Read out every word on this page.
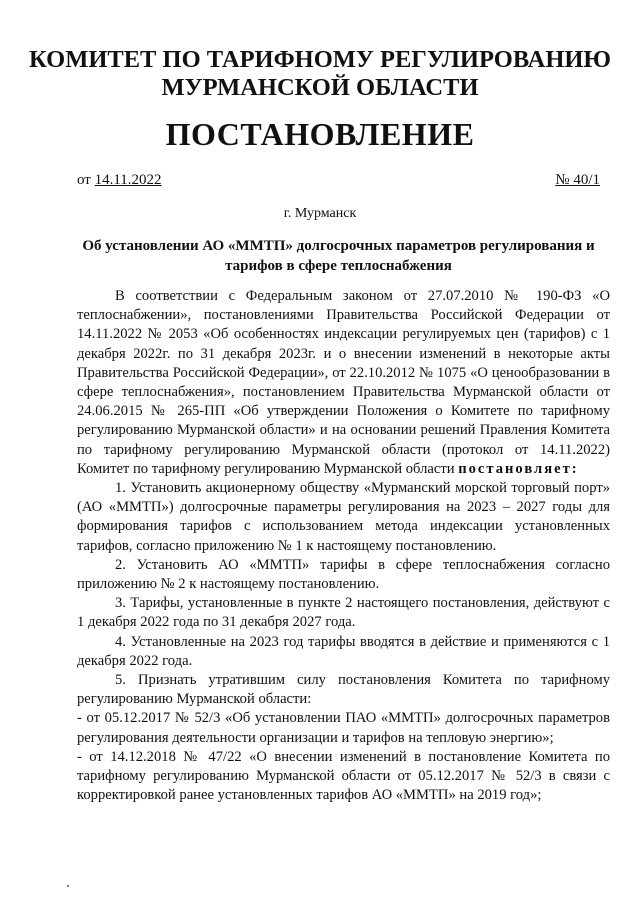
КОМИТЕТ ПО ТАРИФНОМУ РЕГУЛИРОВАНИЮ
МУРМАНСКОЙ ОБЛАСТИ
ПОСТАНОВЛЕНИЕ
от 14.11.2022	№ 40/1
г. Мурманск
Об установлении АО «ММТП» долгосрочных параметров регулирования и
тарифов в сфере теплоснабжения

В соответствии с Федеральным законом от 27.07.2010 № 190-ФЗ «О теплоснабжении», постановлениями Правительства Российской Федерации от 14.11.2022 № 2053 «Об особенностях индексации регулируемых цен (тарифов) с 1 декабря 2022г. по 31 декабря 2023г. и о внесении изменений в некоторые акты Правительства Российской Федерации», от 22.10.2012 № 1075 «О ценообразовании в сфере теплоснабжения», постановлением Правительства Мурманской области от 24.06.2015 № 265-ПП «Об утверждении Положения о Комитете по тарифному регулированию Мурманской области» и на основании решений Правления Комитета по тарифному регулированию Мурманской области (протокол от 14.11.2022) Комитет по тарифному регулированию Мурманской области постановляет:

1. Установить акционерному обществу «Мурманский морской торговый порт» (АО «ММТП») долгосрочные параметры регулирования на 2023 – 2027 годы для формирования тарифов с использованием метода индексации установленных тарифов, согласно приложению № 1 к настоящему постановлению.

2. Установить АО «ММТП» тарифы в сфере теплоснабжения согласно приложению № 2 к настоящему постановлению.

3. Тарифы, установленные в пункте 2 настоящего постановления, действуют с 1 декабря 2022 года по 31 декабря 2027 года.

4. Установленные на 2023 год тарифы вводятся в действие и применяются с 1 декабря 2022 года.

5. Признать утратившим силу постановления Комитета по тарифному регулированию Мурманской области:

- от 05.12.2017 № 52/3 «Об установлении ПАО «ММТП» долгосрочных параметров регулирования деятельности организации и тарифов на тепловую энергию»;

- от 14.12.2018 № 47/22 «О внесении изменений в постановление Комитета по тарифному регулированию Мурманской области от 05.12.2017 № 52/3 в связи с корректировкой ранее установленных тарифов АО «ММТП» на 2019 год»;
